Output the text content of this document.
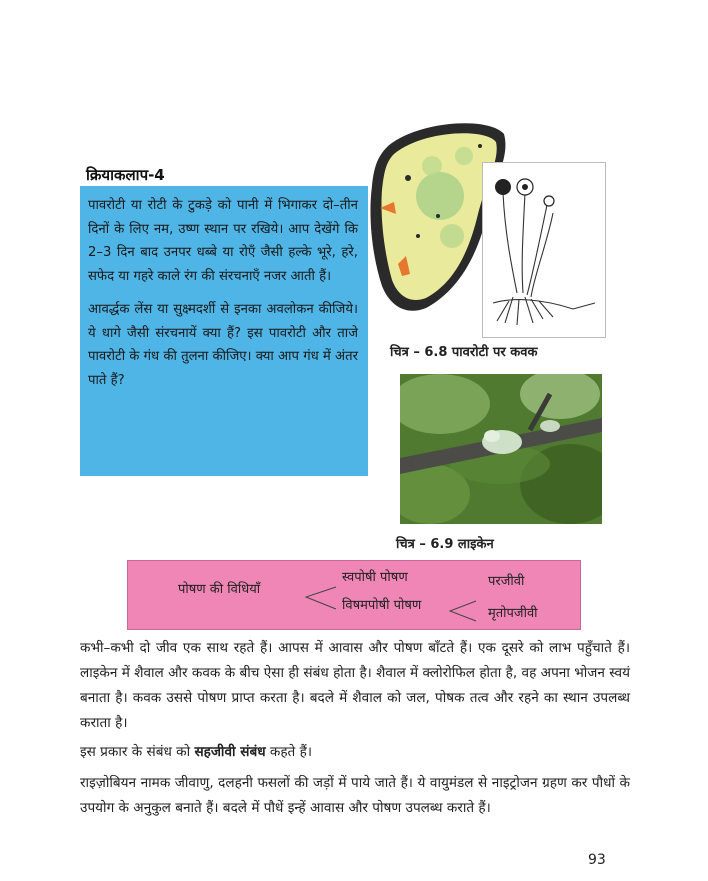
क्रियाकलाप-4

पावरोटी या रोटी के टुकड़े को पानी में भिगाकर दो–तीन दिनों के लिए नम, उष्ण स्थान पर रखिये। आप देखेंगे कि 2–3 दिन बाद उनपर धब्बे या रोएँ जैसी हल्के भूरे, हरे, सफेद या गहरे काले रंग की संरचनाएँ नजर आती हैं।

आवर्द्धक लेंस या सुक्ष्मदर्शी से इनका अवलोकन कीजिये। ये धागे जैसी संरचनायें क्या हैं? इस पावरोटी और ताजे पावरोटी के गंध की तुलना कीजिए। क्या आप गंध में अंतर पाते हैं?

चित्र – 6.8 पावरोटी पर कवक
चित्र – 6.9 लाइकेन
पोषण की विधियाँ
स्वपोषी पोषण
विषमपोषी पोषण
परजीवी
मृतोपजीवी

कभी–कभी दो जीव एक साथ रहते हैं। आपस में आवास और पोषण बाँटते हैं। एक दूसरे को लाभ पहुँचाते हैं। लाइकेन में शैवाल और कवक के बीच ऐसा ही संबंध होता है। शैवाल में क्लोरोफिल होता है, वह अपना भोजन स्वयं बनाता है। कवक उससे पोषण प्राप्त करता है। बदले में शैवाल को जल, पोषक तत्व और रहने का स्थान उपलब्ध कराता है।

इस प्रकार के संबंध को सहजीवी संबंध कहते हैं।

राइज़ोबियन नामक जीवाणु, दलहनी फसलों की जड़ों में पाये जाते हैं। ये वायुमंडल से नाइट्रोजन ग्रहण कर पौधों के उपयोग के अनुकुल बनाते हैं। बदले में पौधें इन्हें आवास और पोषण उपलब्ध कराते हैं।

93
